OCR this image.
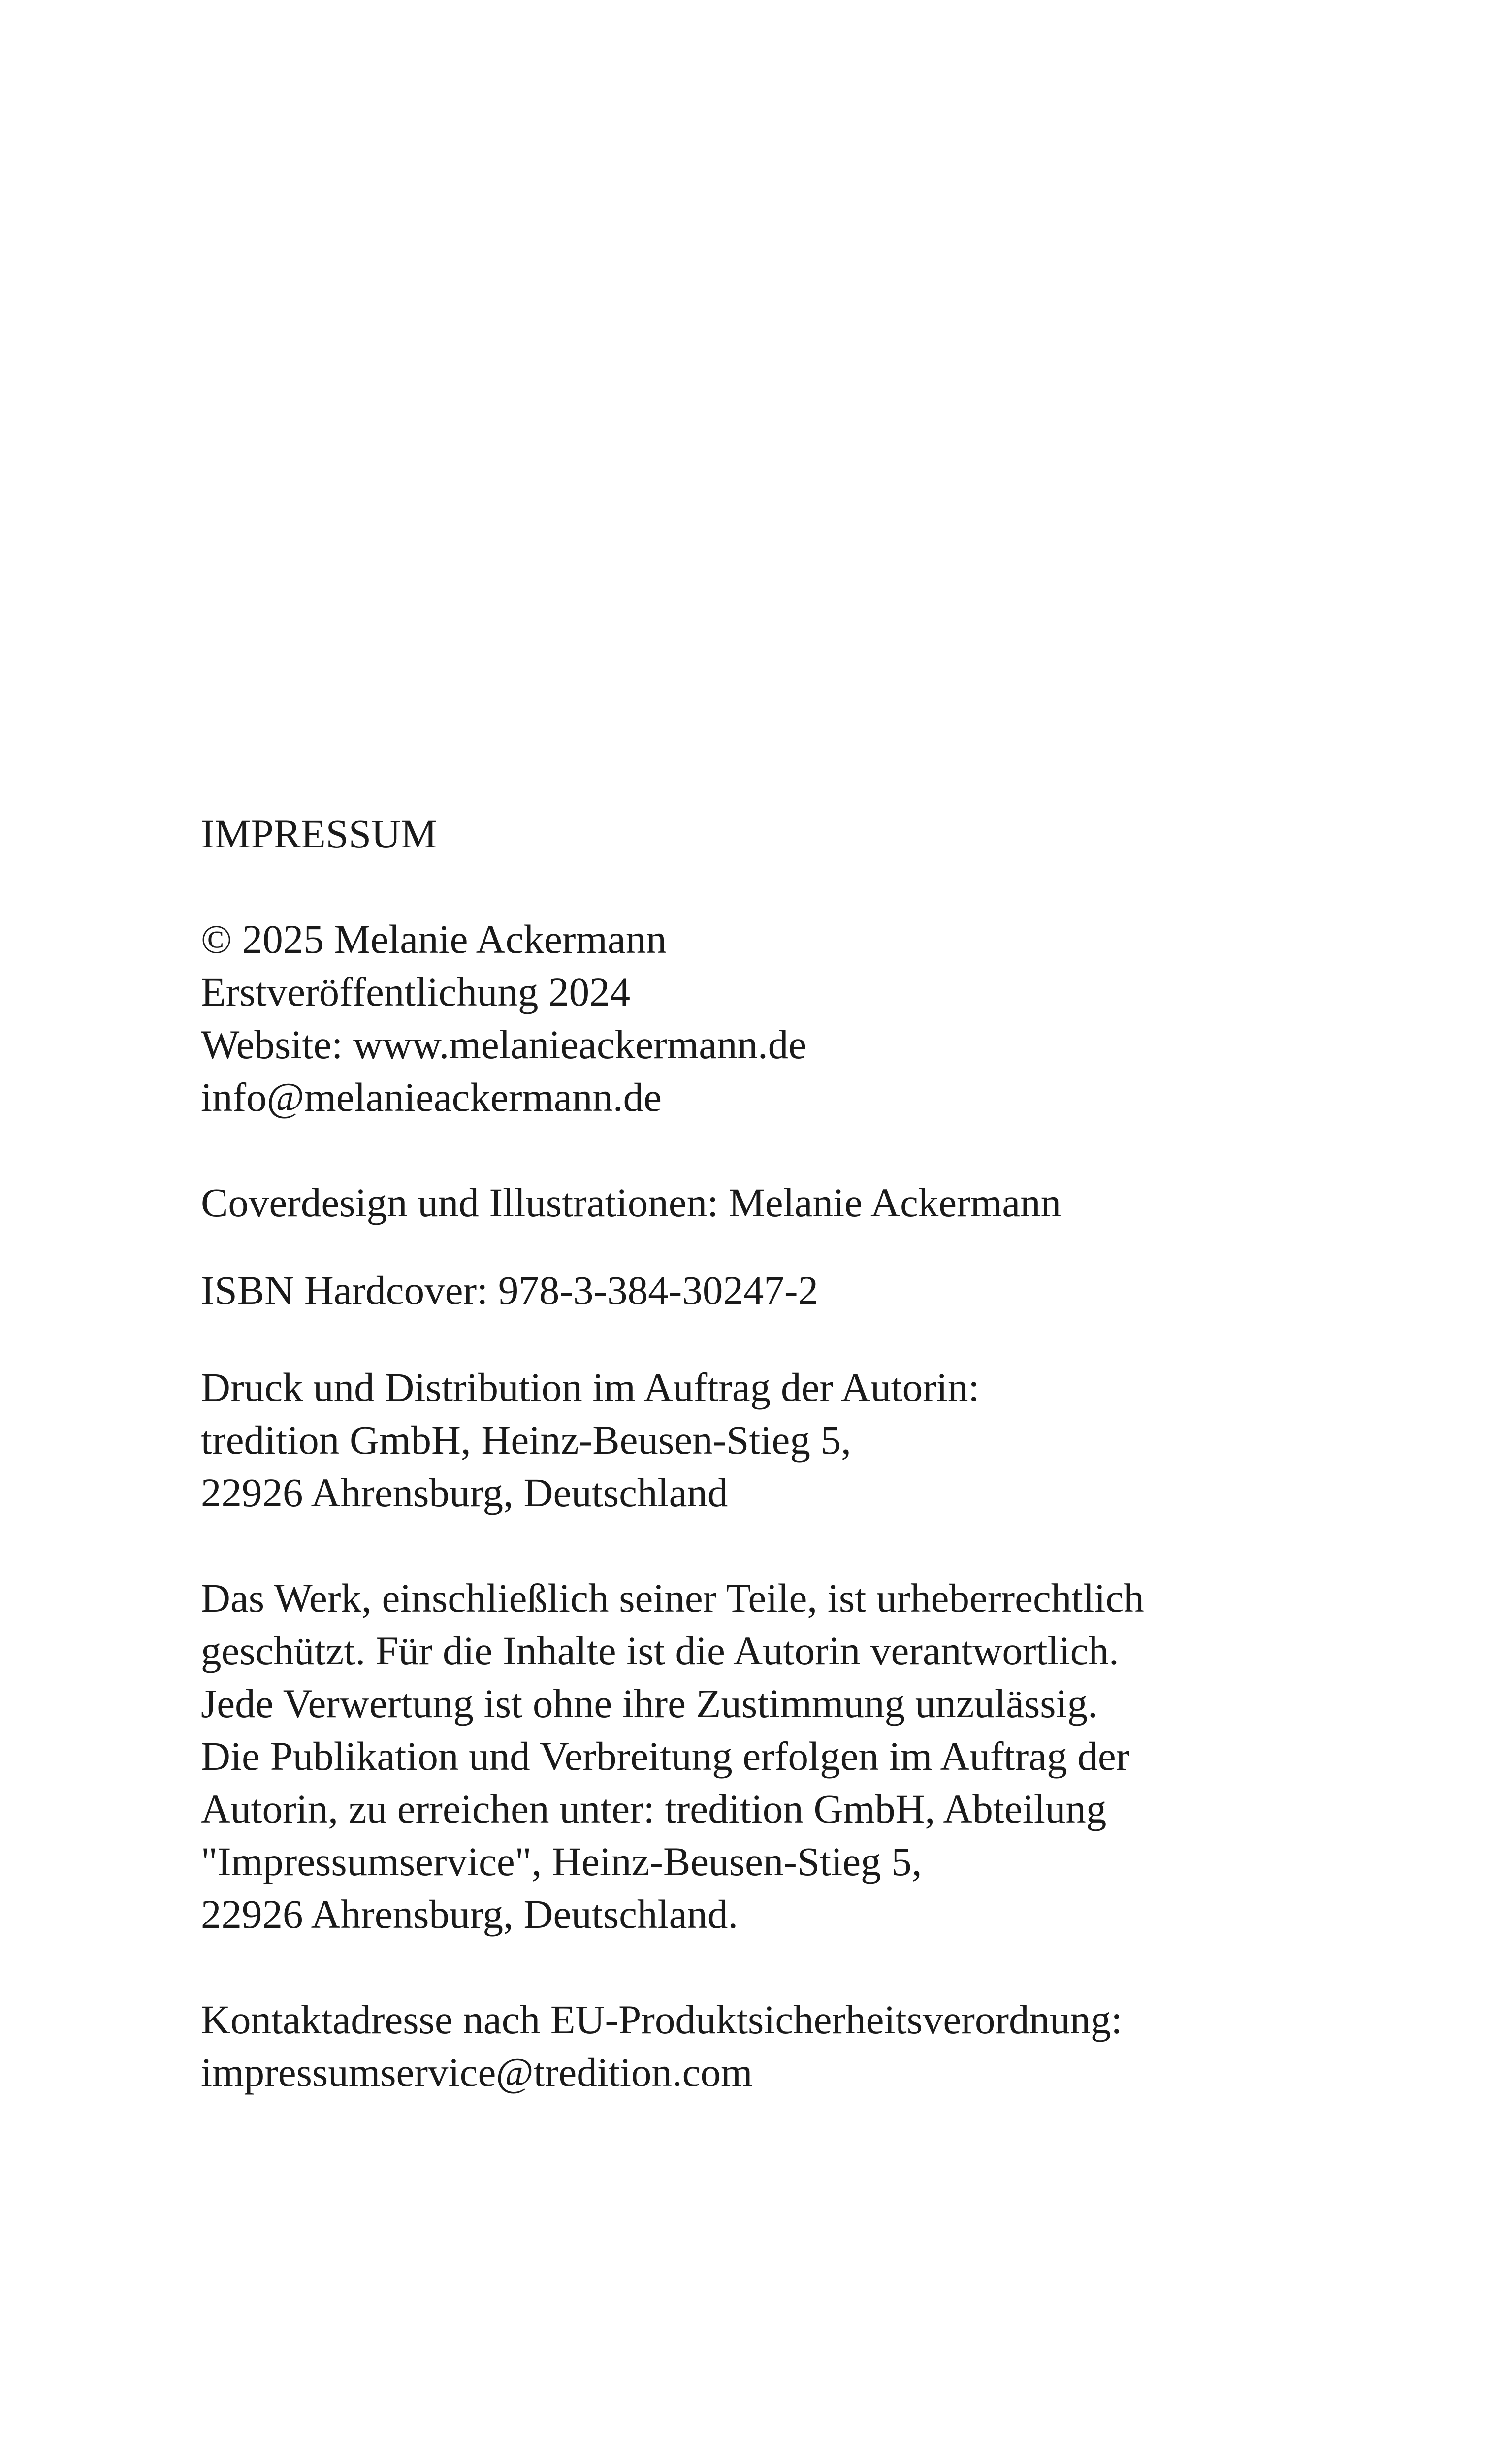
IMPRESSUM
© 2025 Melanie Ackermann
Erstveröffentlichung 2024
Website: www.melanieackermann.de
info@melanieackermann.de
Coverdesign und Illustrationen: Melanie Ackermann
ISBN Hardcover: 978-3-384-30247-2
Druck und Distribution im Auftrag der Autorin:
tredition GmbH, Heinz-Beusen-Stieg 5,
22926 Ahrensburg, Deutschland
Das Werk, einschließlich seiner Teile, ist urheberrechtlich
geschützt. Für die Inhalte ist die Autorin verantwortlich.
Jede Verwertung ist ohne ihre Zustimmung unzulässig.
Die Publikation und Verbreitung erfolgen im Auftrag der
Autorin, zu erreichen unter: tredition GmbH, Abteilung
"Impressumservice", Heinz-Beusen-Stieg 5,
22926 Ahrensburg, Deutschland.
Kontaktadresse nach EU-Produktsicherheitsverordnung:
impressumservice@tredition.com
